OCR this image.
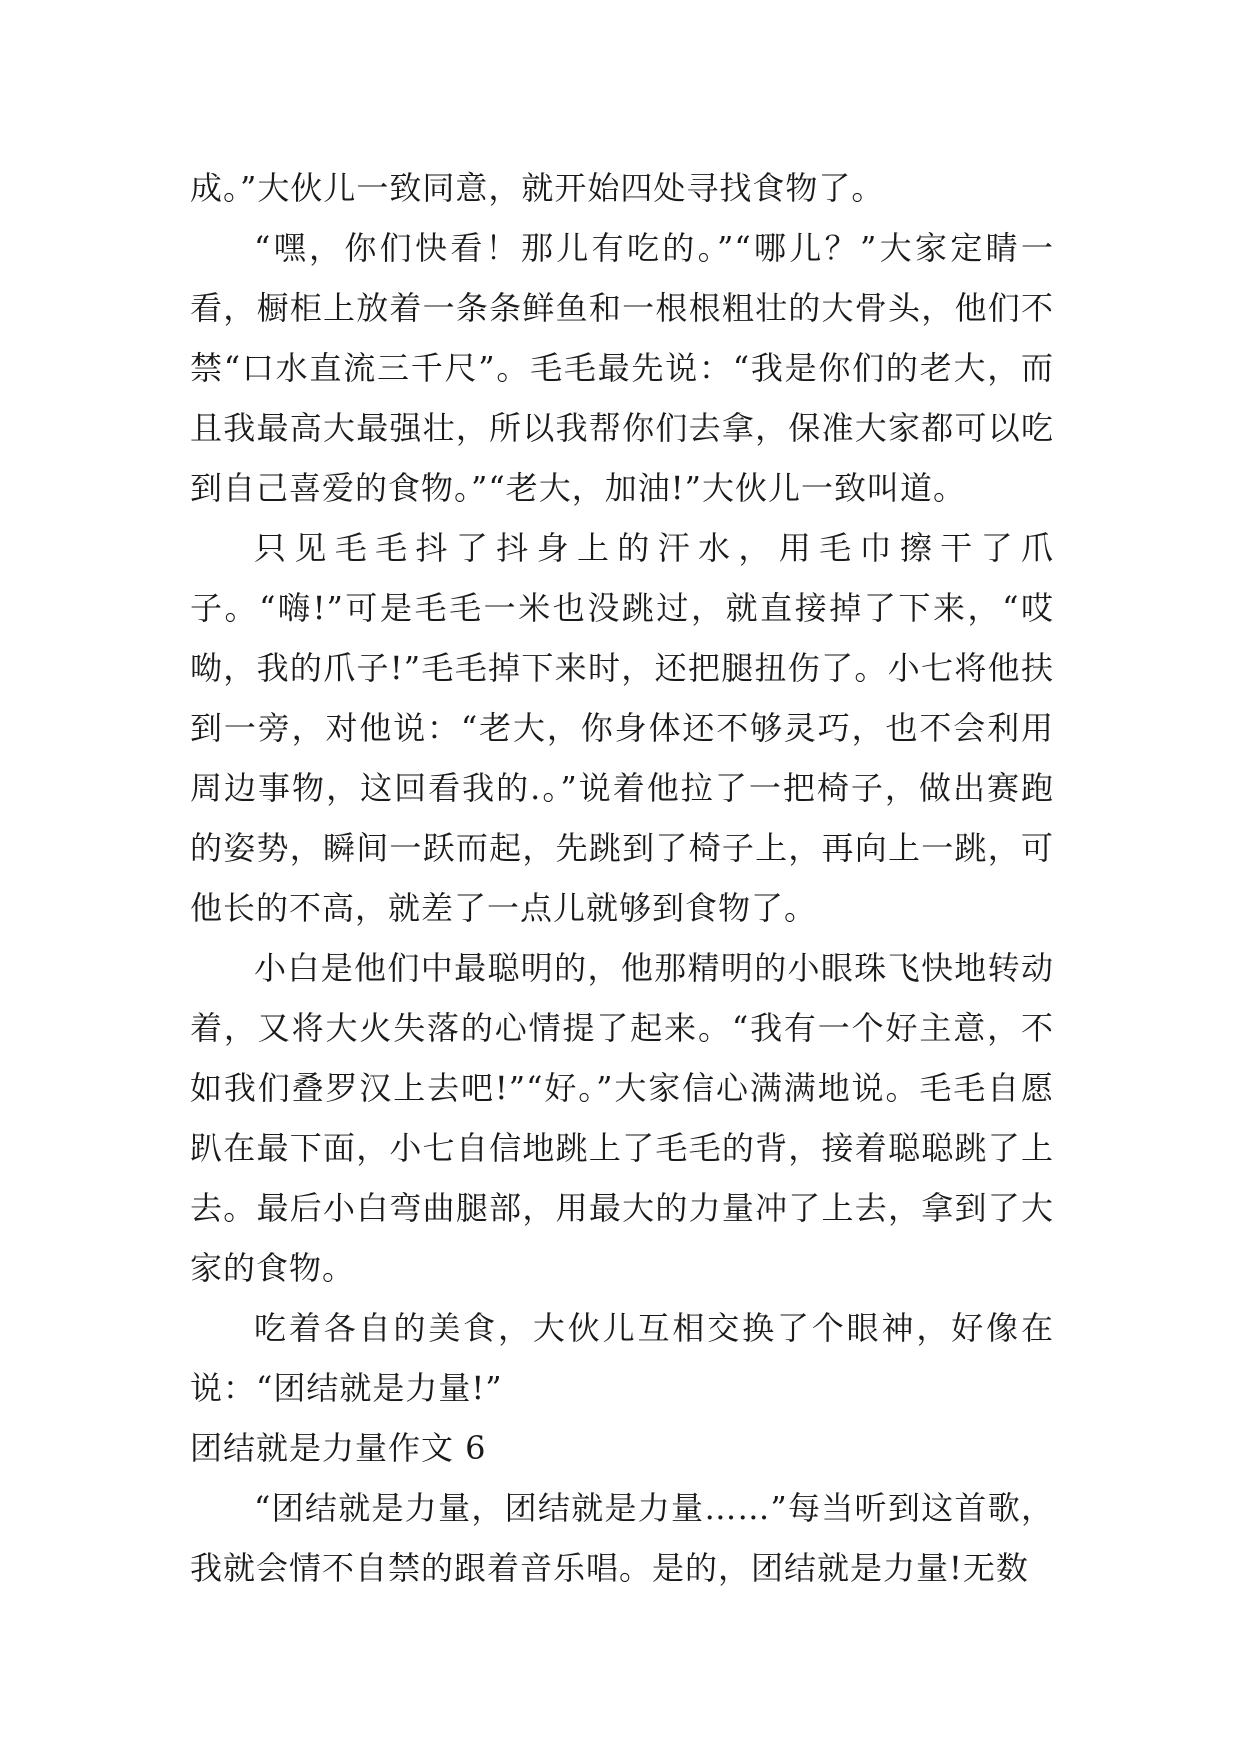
成。”大伙儿一致同意，就开始四处寻找食物了。

“嘿，你们快看！那儿有吃的。”“哪儿？”大家定睛一看，橱柜上放着一条条鲜鱼和一根根粗壮的大骨头，他们不禁“口水直流三千尺”。毛毛最先说：“我是你们的老大，而且我最高大最强壮，所以我帮你们去拿，保准大家都可以吃到自己喜爱的食物。”“老大，加油!”大伙儿一致叫道。

只见毛毛抖了抖身上的汗水，用毛巾擦干了爪子。“嗨!”可是毛毛一米也没跳过，就直接掉了下来，“哎呦，我的爪子!”毛毛掉下来时，还把腿扭伤了。小七将他扶到一旁，对他说：“老大，你身体还不够灵巧，也不会利用周边事物，这回看我的.。”说着他拉了一把椅子，做出赛跑的姿势，瞬间一跃而起，先跳到了椅子上，再向上一跳，可他长的不高，就差了一点儿就够到食物了。

小白是他们中最聪明的，他那精明的小眼珠飞快地转动着，又将大火失落的心情提了起来。“我有一个好主意，不如我们叠罗汉上去吧!”“好。”大家信心满满地说。毛毛自愿趴在最下面，小七自信地跳上了毛毛的背，接着聪聪跳了上去。最后小白弯曲腿部，用最大的力量冲了上去，拿到了大家的食物。

吃着各自的美食，大伙儿互相交换了个眼神，好像在说：“团结就是力量!”

团结就是力量作文 6

“团结就是力量，团结就是力量……”每当听到这首歌，我就会情不自禁的跟着音乐唱。是的，团结就是力量!无数
